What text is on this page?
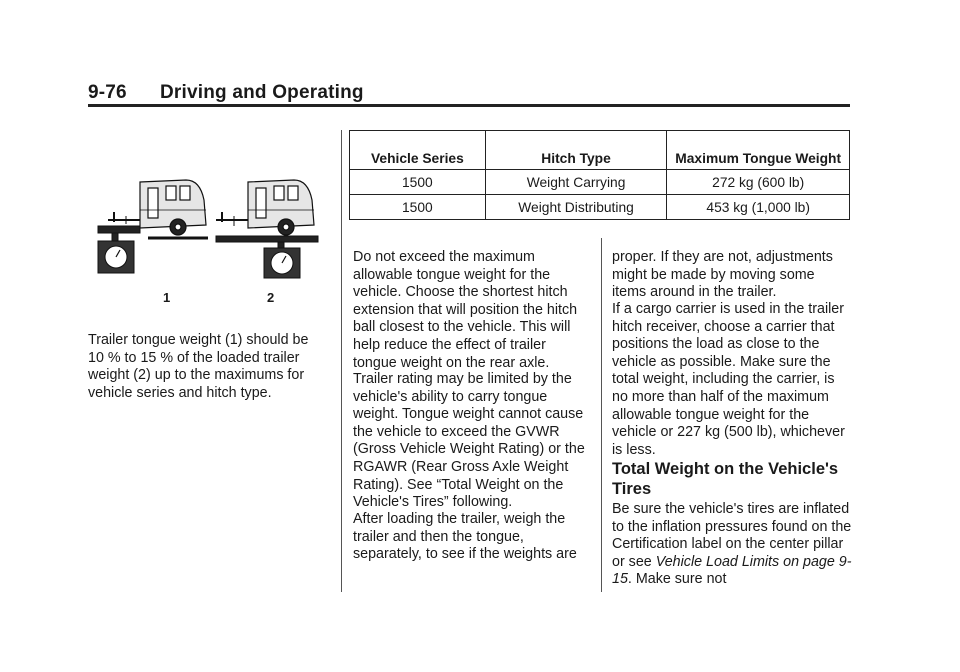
9-76 Driving and Operating
1	2

Trailer tongue weight (1) should be 10 % to 15 % of the loaded trailer weight (2) up to the maximums for vehicle series and hitch type.

Vehicle Series	Hitch Type	Maximum Tongue Weight
1500	Weight Carrying	272 kg (600 lb)
1500	Weight Distributing	453 kg (1,000 lb)

Do not exceed the maximum allowable tongue weight for the vehicle. Choose the shortest hitch extension that will position the hitch ball closest to the vehicle. This will help reduce the effect of trailer tongue weight on the rear axle.

Trailer rating may be limited by the vehicle's ability to carry tongue weight. Tongue weight cannot cause the vehicle to exceed the GVWR (Gross Vehicle Weight Rating) or the RGAWR (Rear Gross Axle Weight Rating). See “Total Weight on the Vehicle's Tires” following.

After loading the trailer, weigh the trailer and then the tongue, separately, to see if the weights are

proper. If they are not, adjustments might be made by moving some items around in the trailer.

If a cargo carrier is used in the trailer hitch receiver, choose a carrier that positions the load as close to the vehicle as possible. Make sure the total weight, including the carrier, is no more than half of the maximum allowable tongue weight for the vehicle or 227 kg (500 lb), whichever is less.

Total Weight on the Vehicle's Tires

Be sure the vehicle's tires are inflated to the inflation pressures found on the Certification label on the center pillar or see Vehicle Load Limits on page 9-15. Make sure not
